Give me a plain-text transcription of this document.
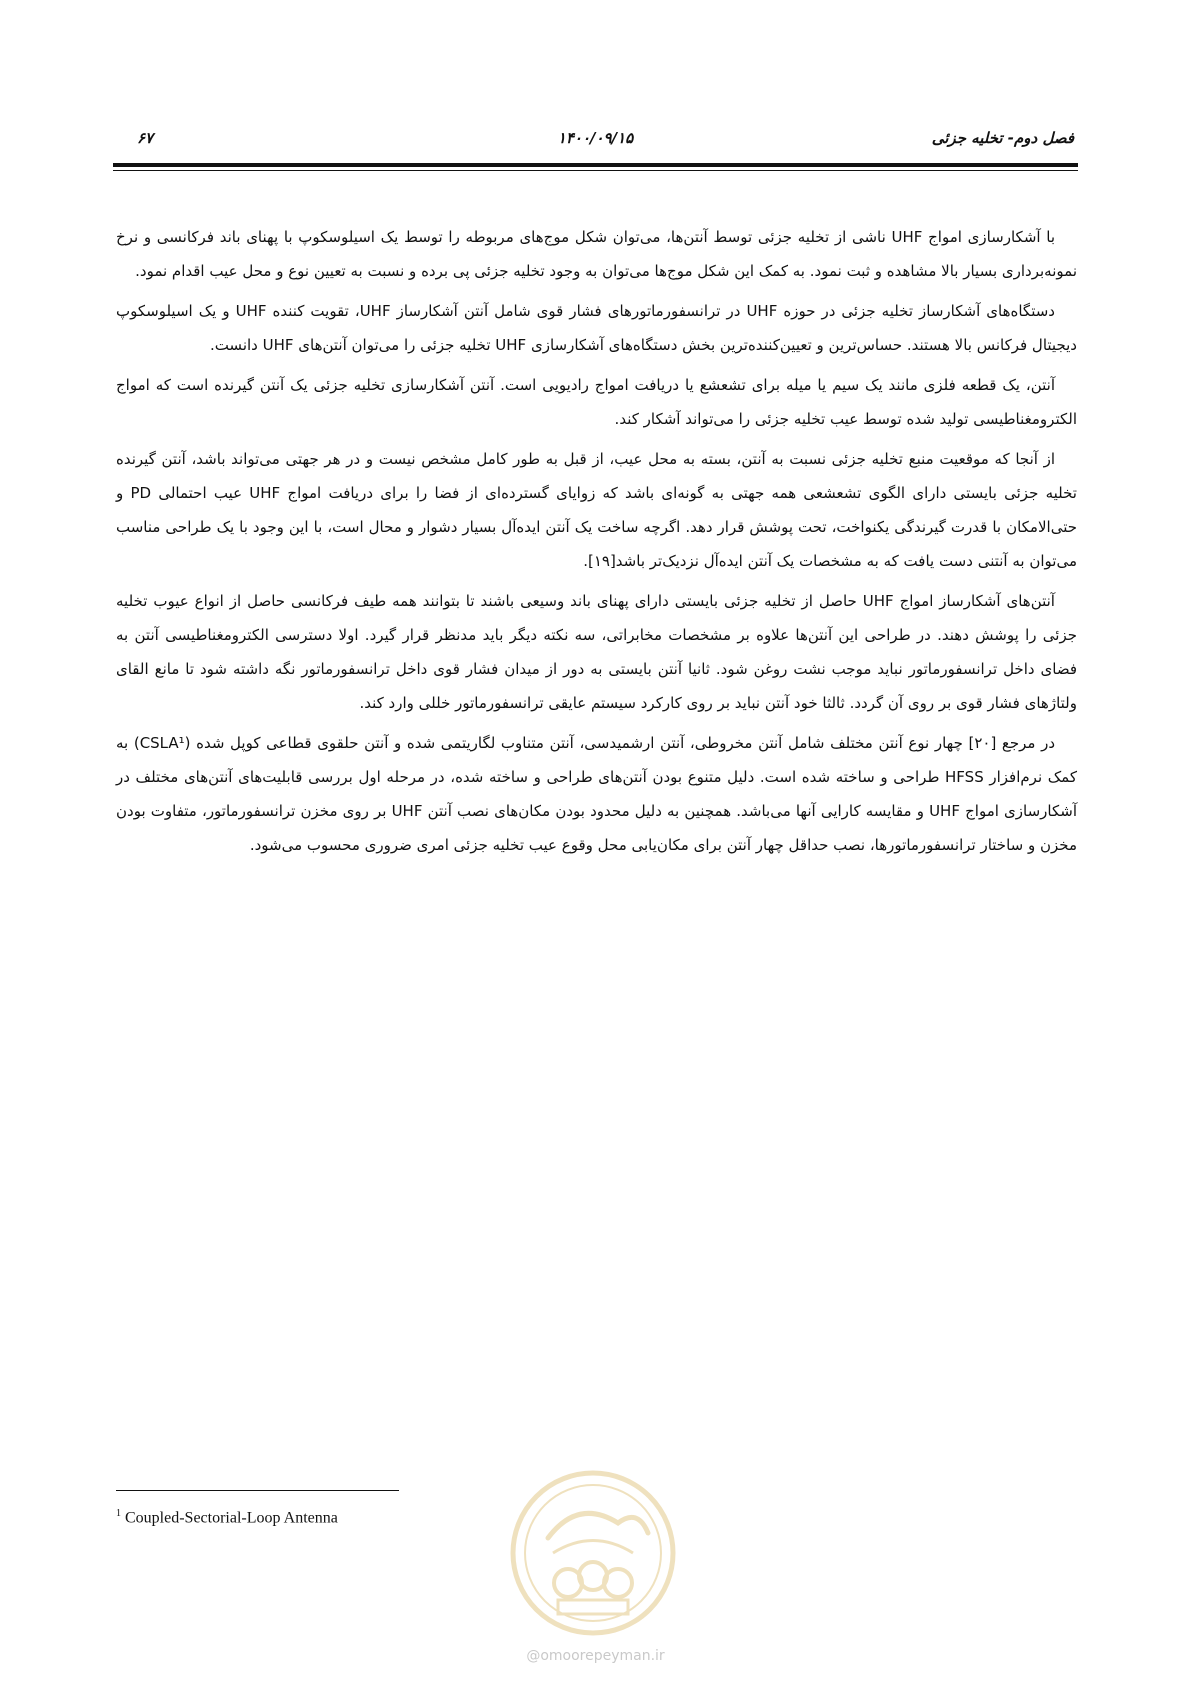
فصل دوم- تخلیه جزئی
۱۴۰۰/۰۹/۱۵
۶۷

با آشکارسازی امواج UHF ناشی از تخلیه جزئی توسط آنتن‌ها، می‌توان شکل موج‌های مربوطه را توسط یک اسیلوسکوپ با پهنای باند فرکانسی و نرخ نمونه‌برداری بسیار بالا مشاهده و ثبت نمود. به کمک این شکل موج‌ها می‌توان به وجود تخلیه جزئی پی برده و نسبت به تعیین نوع و محل عیب اقدام نمود.

دستگاه‌های آشکارساز تخلیه جزئی در حوزه UHF در ترانسفورماتورهای فشار قوی شامل آنتن آشکارساز UHF، تقویت کننده UHF و یک اسیلوسکوپ دیجیتال فرکانس بالا هستند. حساس‌ترین و تعیین‌کننده‌ترین بخش دستگاه‌های آشکارسازی UHF تخلیه جزئی را می‌توان آنتن‌های UHF دانست.

آنتن، یک قطعه فلزی مانند یک سیم یا میله برای تشعشع یا دریافت امواج رادیویی است. آنتن آشکارسازی تخلیه جزئی یک آنتن گیرنده است که امواج الکترومغناطیسی تولید شده توسط عیب تخلیه جزئی را می‌تواند آشکار کند.

از آنجا که موقعیت منبع تخلیه جزئی نسبت به آنتن، بسته به محل عیب، از قبل به طور کامل مشخص نیست و در هر جهتی می‌تواند باشد، آنتن گیرنده تخلیه جزئی بایستی دارای الگوی تشعشعی همه جهتی به گونه‌ای باشد که زوایای گسترده‌ای از فضا را برای دریافت امواج UHF عیب احتمالی PD و حتی‌الامکان با قدرت گیرندگی یکنواخت، تحت پوشش قرار دهد. اگرچه ساخت یک آنتن ایده‌آل بسیار دشوار و محال است، با این وجود با یک طراحی مناسب می‌توان به آنتنی دست یافت که به مشخصات یک آنتن ایده‌آل نزدیک‌تر باشد[۱۹].

آنتن‌های آشکارساز امواج UHF حاصل از تخلیه جزئی بایستی دارای پهنای باند وسیعی باشند تا بتوانند همه طیف فرکانسی حاصل از انواع عیوب تخلیه جزئی را پوشش دهند. در طراحی این آنتن‌ها علاوه بر مشخصات مخابراتی، سه نکته دیگر باید مدنظر قرار گیرد. اولا دسترسی الکترومغناطیسی آنتن به فضای داخل ترانسفورماتور نباید موجب نشت روغن شود. ثانیا آنتن بایستی به دور از میدان فشار قوی داخل ترانسفورماتور نگه داشته شود تا مانع القای ولتاژهای فشار قوی بر روی آن گردد. ثالثا خود آنتن نباید بر روی کارکرد سیستم عایقی ترانسفورماتور خللی وارد کند.

در مرجع [۲۰] چهار نوع آنتن مختلف شامل آنتن مخروطی، آنتن ارشمیدسی، آنتن متناوب لگاریتمی شده و آنتن حلقوی قطاعی کوپل شده (CSLA¹) به کمک نرم‌افزار HFSS طراحی و ساخته شده است. دلیل متنوع بودن آنتن‌های طراحی و ساخته شده، در مرحله اول بررسی قابلیت‌های آنتن‌های مختلف در آشکارسازی امواج UHF و مقایسه کارایی آنها می‌باشد. همچنین به دلیل محدود بودن مکان‌های نصب آنتن UHF بر روی مخزن ترانسفورماتور، متفاوت بودن مخزن و ساختار ترانسفورماتورها، نصب حداقل چهار آنتن برای مکان‌یابی محل وقوع عیب تخلیه جزئی امری ضروری محسوب می‌شود.

$^1$ Coupled-Sectorial-Loop Antenna
@omoorepeyman.ir
